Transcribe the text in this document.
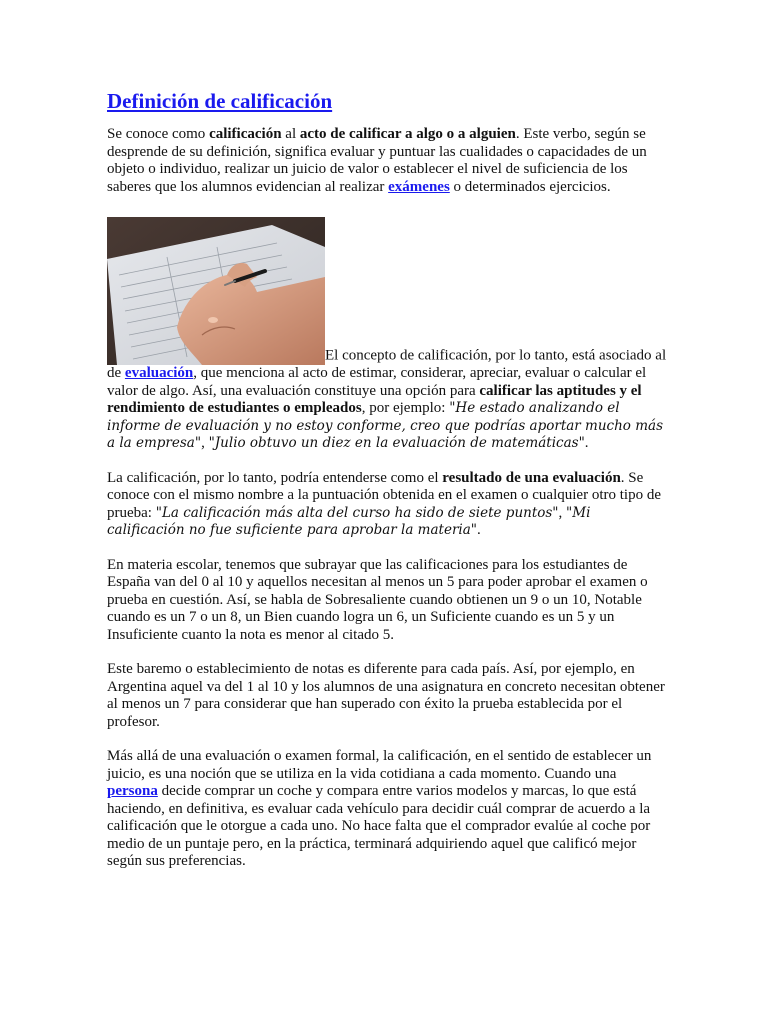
Definición de calificación

Se conoce como calificación al acto de calificar a algo o a alguien. Este verbo, según se desprende de su definición, significa evaluar y puntuar las cualidades o capacidades de un objeto o individuo, realizar un juicio de valor o establecer el nivel de suficiencia de los saberes que los alumnos evidencian al realizar exámenes o determinados ejercicios.

El concepto de calificación, por lo tanto, está asociado al de evaluación, que menciona al acto de estimar, considerar, apreciar, evaluar o calcular el valor de algo. Así, una evaluación constituye una opción para calificar las aptitudes y el rendimiento de estudiantes o empleados, por ejemplo: "He estado analizando el informe de evaluación y no estoy conforme, creo que podrías aportar mucho más a la empresa", "Julio obtuvo un diez en la evaluación de matemáticas".

La calificación, por lo tanto, podría entenderse como el resultado de una evaluación. Se conoce con el mismo nombre a la puntuación obtenida en el examen o cualquier otro tipo de prueba: "La calificación más alta del curso ha sido de siete puntos", "Mi calificación no fue suficiente para aprobar la materia".

En materia escolar, tenemos que subrayar que las calificaciones para los estudiantes de España van del 0 al 10 y aquellos necesitan al menos un 5 para poder aprobar el examen o prueba en cuestión. Así, se habla de Sobresaliente cuando obtienen un 9 o un 10, Notable cuando es un 7 o un 8, un Bien cuando logra un 6, un Suficiente cuando es un 5 y un Insuficiente cuanto la nota es menor al citado 5.

Este baremo o establecimiento de notas es diferente para cada país. Así, por ejemplo, en Argentina aquel va del 1 al 10 y los alumnos de una asignatura en concreto necesitan obtener al menos un 7 para considerar que han superado con éxito la prueba establecida por el profesor.

Más allá de una evaluación o examen formal, la calificación, en el sentido de establecer un juicio, es una noción que se utiliza en la vida cotidiana a cada momento. Cuando una persona decide comprar un coche y compara entre varios modelos y marcas, lo que está haciendo, en definitiva, es evaluar cada vehículo para decidir cuál comprar de acuerdo a la calificación que le otorgue a cada uno. No hace falta que el comprador evalúe al coche por medio de un puntaje pero, en la práctica, terminará adquiriendo aquel que calificó mejor según sus preferencias.
